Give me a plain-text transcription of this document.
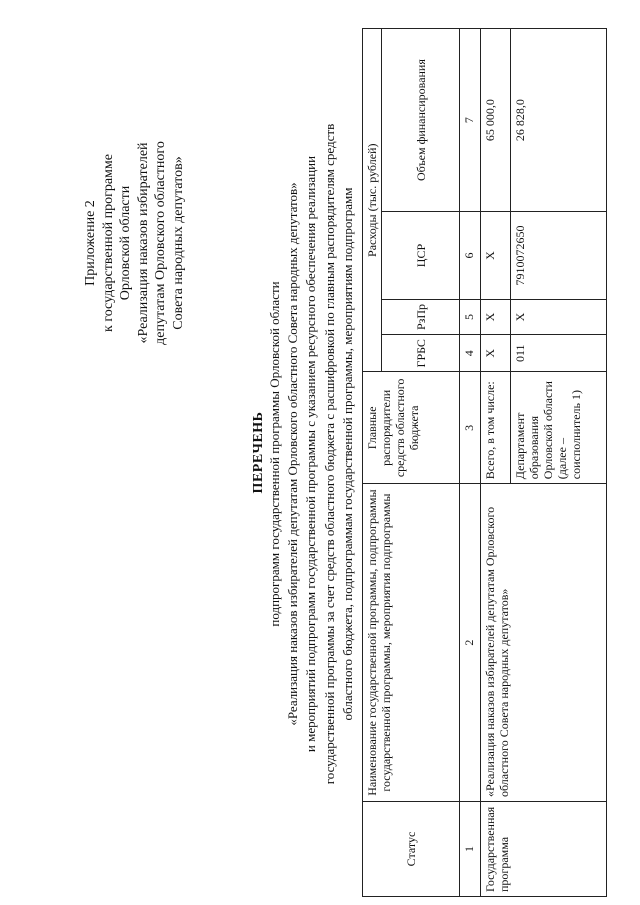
Приложение 2 к государственной программе Орловской области «Реализация наказов избирателей депутатам Орловского областного Совета народных депутатов»
ПЕРЕЧЕНЬ подпрограмм государственной программы Орловской области «Реализация наказов избирателей депутатам Орловского областного Совета народных депутатов» и мероприятий подпрограмм государственной программы с указанием ресурсного обеспечения реализации государственной программы за счет средств областного бюджета с расшифровкой по главным распорядителям средств областного бюджета, подпрограммам государственной программы, мероприятиям подпрограмм
Статус	Наименование государственной программы, подпрограммы государственной программы, мероприятия подпрограммы	Главные распорядители средств областного бюджета	Расходы (тыс. рублей)			
			ГРБС	РзПр	ЦСР	Объем финансирования
1	2	3	4	5	6	7
Государственная программа	«Реализация наказов избирателей депутатам Орловского областного Совета народных депутатов»	Всего, в том числе:	Х	Х	Х	65 000,0
		Департамент образования Орловской области (далее – соисполнитель 1)	011	Х	7910072650	26 828,0
